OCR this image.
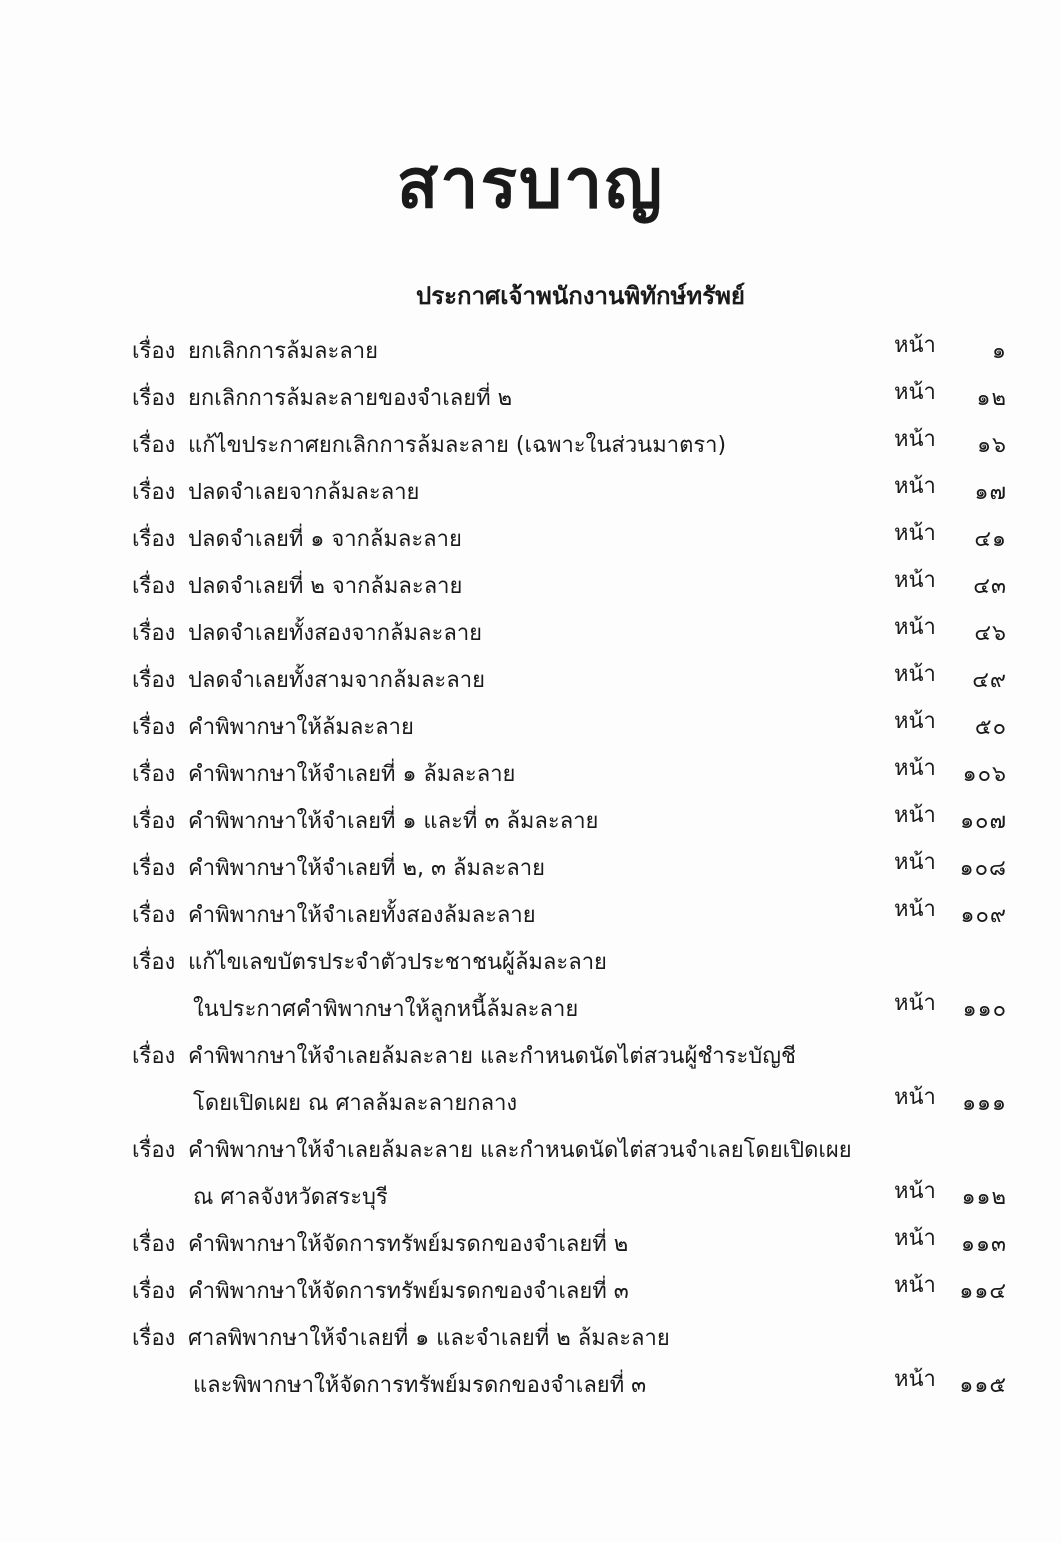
สารบาญ
ประกาศเจ้าพนักงานพิทักษ์ทรัพย์
เรื่อง ยกเลิกการล้มละลาย	หน้า	๑
เรื่อง ยกเลิกการล้มละลายของจำเลยที่ ๒	หน้า ๑๒
เรื่อง แก้ไขประกาศยกเลิกการล้มละลาย (เฉพาะในส่วนมาตรา)	หน้า ๑๖
เรื่อง ปลดจำเลยจากล้มละลาย	หน้า ๑๗
เรื่อง ปลดจำเลยที่ ๑ จากล้มละลาย	หน้า ๔๑
เรื่อง ปลดจำเลยที่ ๒ จากล้มละลาย	หน้า ๔๓
เรื่อง ปลดจำเลยทั้งสองจากล้มละลาย	หน้า ๔๖
เรื่อง ปลดจำเลยทั้งสามจากล้มละลาย	หน้า ๔๙
เรื่อง คำพิพากษาให้ล้มละลาย	หน้า ๕๐
เรื่อง คำพิพากษาให้จำเลยที่ ๑ ล้มละลาย	หน้า ๑๐๖
เรื่อง คำพิพากษาให้จำเลยที่ ๑ และที่ ๓ ล้มละลาย	หน้า ๑๐๗
เรื่อง คำพิพากษาให้จำเลยที่ ๒, ๓ ล้มละลาย	หน้า ๑๐๘
เรื่อง คำพิพากษาให้จำเลยทั้งสองล้มละลาย	หน้า ๑๐๙
เรื่อง แก้ไขเลขบัตรประจำตัวประชาชนผู้ล้มละลาย
ในประกาศคำพิพากษาให้ลูกหนี้ล้มละลาย	หน้า ๑๑๐
เรื่อง คำพิพากษาให้จำเลยล้มละลาย และกำหนดนัดไต่สวนผู้ชำระบัญชี
โดยเปิดเผย ณ ศาลล้มละลายกลาง	หน้า ๑๑๑
เรื่อง คำพิพากษาให้จำเลยล้มละลาย และกำหนดนัดไต่สวนจำเลยโดยเปิดเผย
ณ ศาลจังหวัดสระบุรี	หน้า ๑๑๒
เรื่อง คำพิพากษาให้จัดการทรัพย์มรดกของจำเลยที่ ๒	หน้า ๑๑๓
เรื่อง คำพิพากษาให้จัดการทรัพย์มรดกของจำเลยที่ ๓	หน้า ๑๑๔
เรื่อง ศาลพิพากษาให้จำเลยที่ ๑ และจำเลยที่ ๒ ล้มละลาย
และพิพากษาให้จัดการทรัพย์มรดกของจำเลยที่ ๓	หน้า ๑๑๕
